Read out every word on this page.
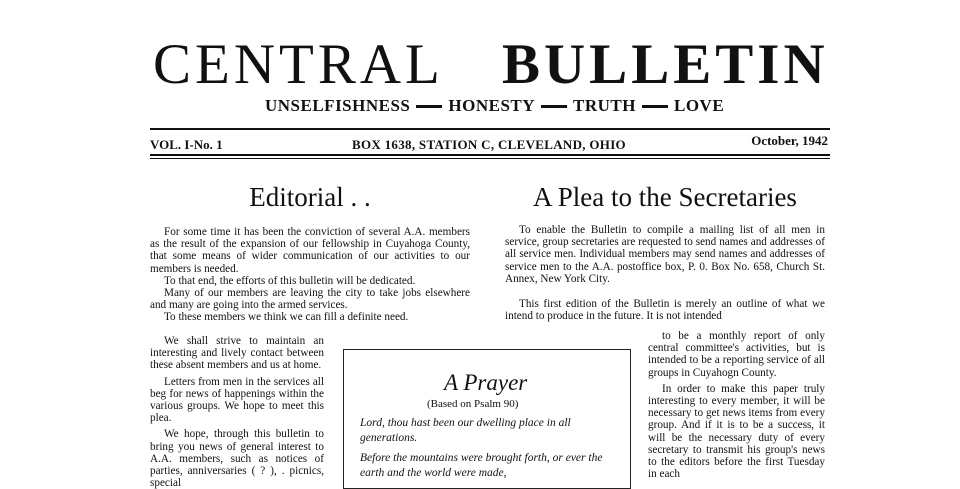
CENTRAL BULLETIN
UNSELFISHNESS HONESTY TRUTH LOVE
VOL. I-No. 1	BOX 1638, STATION C, CLEVELAND, OHIO	October, 1942
Editorial . .

For some time it has been the conviction of several A.A. members as the result of the expansion of our fellowship in Cuyahoga County, that some means of wider communication of our activities to our members is needed.

To that end, the efforts of this bulletin will be dedicated.

Many of our members are leaving the city to take jobs elsewhere and many are going into the armed services.

To these members we think we can fill a definite need.

We shall strive to maintain an interesting and lively contact between these absent members and us at home.

Letters from men in the services all beg for news of happenings within the various groups. We hope to meet this plea.

We hope, through this bulletin to bring you news of general interest to A.A. members, such as notices of parties, anniversaries ( ? ), . picnics, special

A Plea to the Secretaries

To enable the Bulletin to compile a mailing list of all men in service, group secretaries are requested to send names and addresses of all service men. Individual members may send names and addresses of service men to the A.A. postoffice box, P. 0. Box No. 658, Church St. Annex, New York City.

This first edition of the Bulletin is merely an outline of what we intend to produce in the future. It is not intended

to be a monthly report of only central committee's activities, but is intended to be a reporting service of all groups in Cuyahogn County.

In order to make this paper truly interesting to every member, it will be necessary to get news items from every group. And if it is to be a success, it will be the necessary duty of every secretary to transmit his group's news to the editors before the first Tuesday in each

A Prayer
(Based on Psalm 90)

Lord, thou hast been our dwelling place in all generations.

Before the mountains were brought forth, or ever the earth and the world were made,
